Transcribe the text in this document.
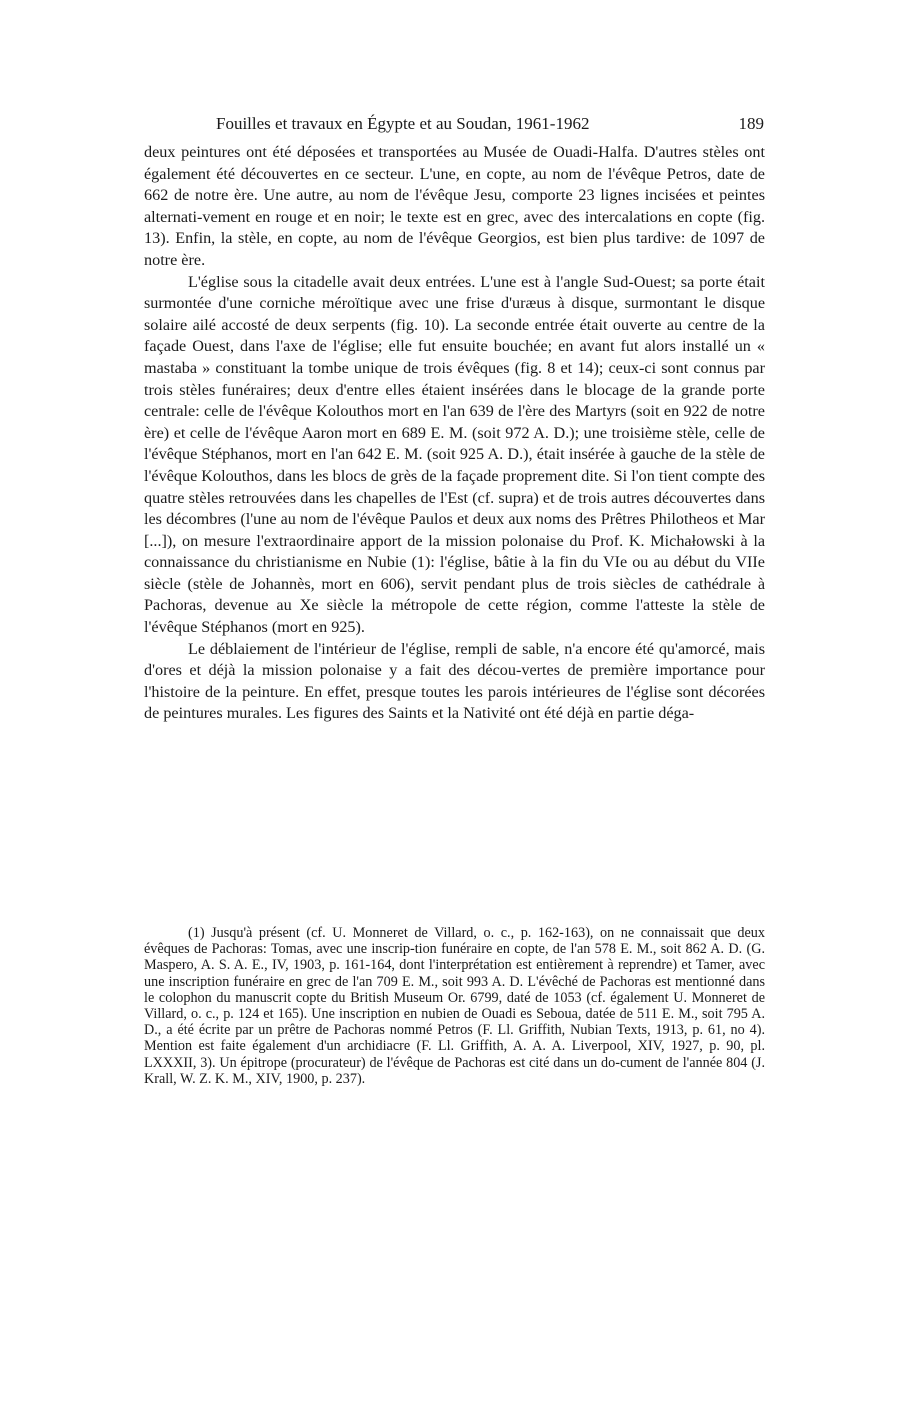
Fouilles et travaux en Égypte et au Soudan, 1961-1962	189

deux peintures ont été déposées et transportées au Musée de Ouadi-Halfa. D'autres stèles ont également été découvertes en ce secteur. L'une, en copte, au nom de l'évêque Petros, date de 662 de notre ère. Une autre, au nom de l'évêque Jesu, comporte 23 lignes incisées et peintes alternati-vement en rouge et en noir; le texte est en grec, avec des intercalations en copte (fig. 13). Enfin, la stèle, en copte, au nom de l'évêque Georgios, est bien plus tardive: de 1097 de notre ère.

L'église sous la citadelle avait deux entrées. L'une est à l'angle Sud-Ouest; sa porte était surmontée d'une corniche méroïtique avec une frise d'uræus à disque, surmontant le disque solaire ailé accosté de deux serpents (fig. 10). La seconde entrée était ouverte au centre de la façade Ouest, dans l'axe de l'église; elle fut ensuite bouchée; en avant fut alors installé un « mastaba » constituant la tombe unique de trois évêques (fig. 8 et 14); ceux-ci sont connus par trois stèles funéraires; deux d'entre elles étaient insérées dans le blocage de la grande porte centrale: celle de l'évêque Kolouthos mort en l'an 639 de l'ère des Martyrs (soit en 922 de notre ère) et celle de l'évêque Aaron mort en 689 E. M. (soit 972 A. D.); une troisième stèle, celle de l'évêque Stéphanos, mort en l'an 642 E. M. (soit 925 A. D.), était insérée à gauche de la stèle de l'évêque Kolouthos, dans les blocs de grès de la façade proprement dite. Si l'on tient compte des quatre stèles retrouvées dans les chapelles de l'Est (cf. supra) et de trois autres découvertes dans les décombres (l'une au nom de l'évêque Paulos et deux aux noms des Prêtres Philotheos et Mar [...]), on mesure l'extraordinaire apport de la mission polonaise du Prof. K. Michałowski à la connaissance du christianisme en Nubie (1): l'église, bâtie à la fin du VIe ou au début du VIIe siècle (stèle de Johannès, mort en 606), servit pendant plus de trois siècles de cathédrale à Pachoras, devenue au Xe siècle la métropole de cette région, comme l'atteste la stèle de l'évêque Stéphanos (mort en 925).

Le déblaiement de l'intérieur de l'église, rempli de sable, n'a encore été qu'amorcé, mais d'ores et déjà la mission polonaise y a fait des décou-vertes de première importance pour l'histoire de la peinture. En effet, presque toutes les parois intérieures de l'église sont décorées de peintures murales. Les figures des Saints et la Nativité ont été déjà en partie déga-

(1) Jusqu'à présent (cf. U. Monneret de Villard, o. c., p. 162-163), on ne connaissait que deux évêques de Pachoras: Tomas, avec une inscrip-tion funéraire en copte, de l'an 578 E. M., soit 862 A. D. (G. Maspero, A. S. A. E., IV, 1903, p. 161-164, dont l'interprétation est entièrement à reprendre) et Tamer, avec une inscription funéraire en grec de l'an 709 E. M., soit 993 A. D. L'évêché de Pachoras est mentionné dans le colophon du manuscrit copte du British Museum Or. 6799, daté de 1053 (cf. également U. Monneret de Villard, o. c., p. 124 et 165). Une inscription en nubien de Ouadi es Seboua, datée de 511 E. M., soit 795 A. D., a été écrite par un prêtre de Pachoras nommé Petros (F. Ll. Griffith, Nubian Texts, 1913, p. 61, no 4). Mention est faite également d'un archidiacre (F. Ll. Griffith, A. A. A. Liverpool, XIV, 1927, p. 90, pl. LXXXII, 3). Un épitrope (procurateur) de l'évêque de Pachoras est cité dans un do-cument de l'année 804 (J. Krall, W. Z. K. M., XIV, 1900, p. 237).
